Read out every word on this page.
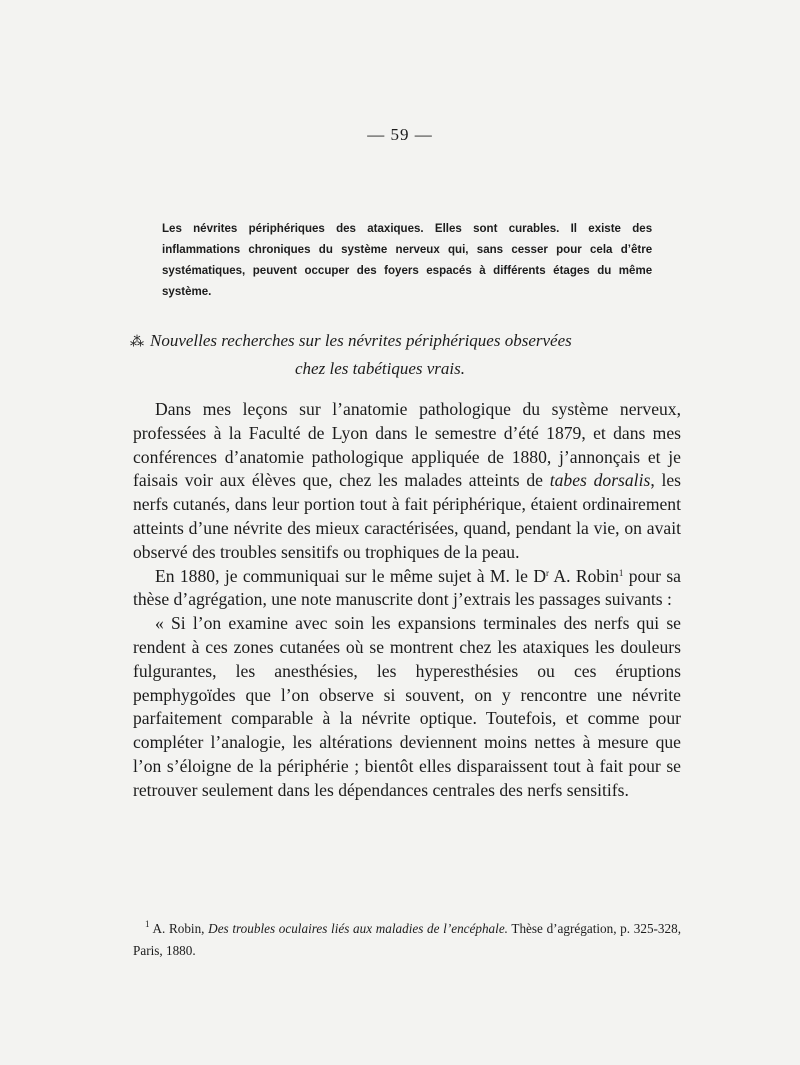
— 59 —
Les névrites périphériques des ataxiques. Elles sont curables. Il existe des inflammations chroniques du système nerveux qui, sans cesser pour cela d’être systématiques, peuvent occuper des foyers espacés à différents étages du même système.
⁂ Nouvelles recherches sur les névrites périphériques observées
chez les tabétiques vrais.

Dans mes leçons sur l’anatomie pathologique du système nerveux, professées à la Faculté de Lyon dans le semestre d’été 1879, et dans mes conférences d’anatomie pathologique appliquée de 1880, j’annonçais et je faisais voir aux élèves que, chez les malades atteints de tabes dorsalis, les nerfs cutanés, dans leur portion tout à fait périphérique, étaient ordinairement atteints d’une névrite des mieux caractérisées, quand, pendant la vie, on avait observé des troubles sensitifs ou trophiques de la peau.

En 1880, je communiquai sur le même sujet à M. le $D^r$ A. Robin$^1$ pour sa thèse d’agrégation, une note manuscrite dont j’extrais les passages suivants :

« Si l’on examine avec soin les expansions terminales des nerfs qui se rendent à ces zones cutanées où se montrent chez les ataxiques les douleurs fulgurantes, les anesthésies, les hyperesthésies ou ces éruptions pemphygoïdes que l’on observe si souvent, on y rencontre une névrite parfaitement comparable à la névrite optique. Toutefois, et comme pour compléter l’analogie, les altérations deviennent moins nettes à mesure que l’on s’éloigne de la périphérie ; bientôt elles disparaissent tout à fait pour se retrouver seulement dans les dépendances centrales des nerfs sensitifs.

$^1$ A. Robin, Des troubles oculaires liés aux maladies de l’encéphale. Thèse d’agrégation, p. 325-328, Paris, 1880.
